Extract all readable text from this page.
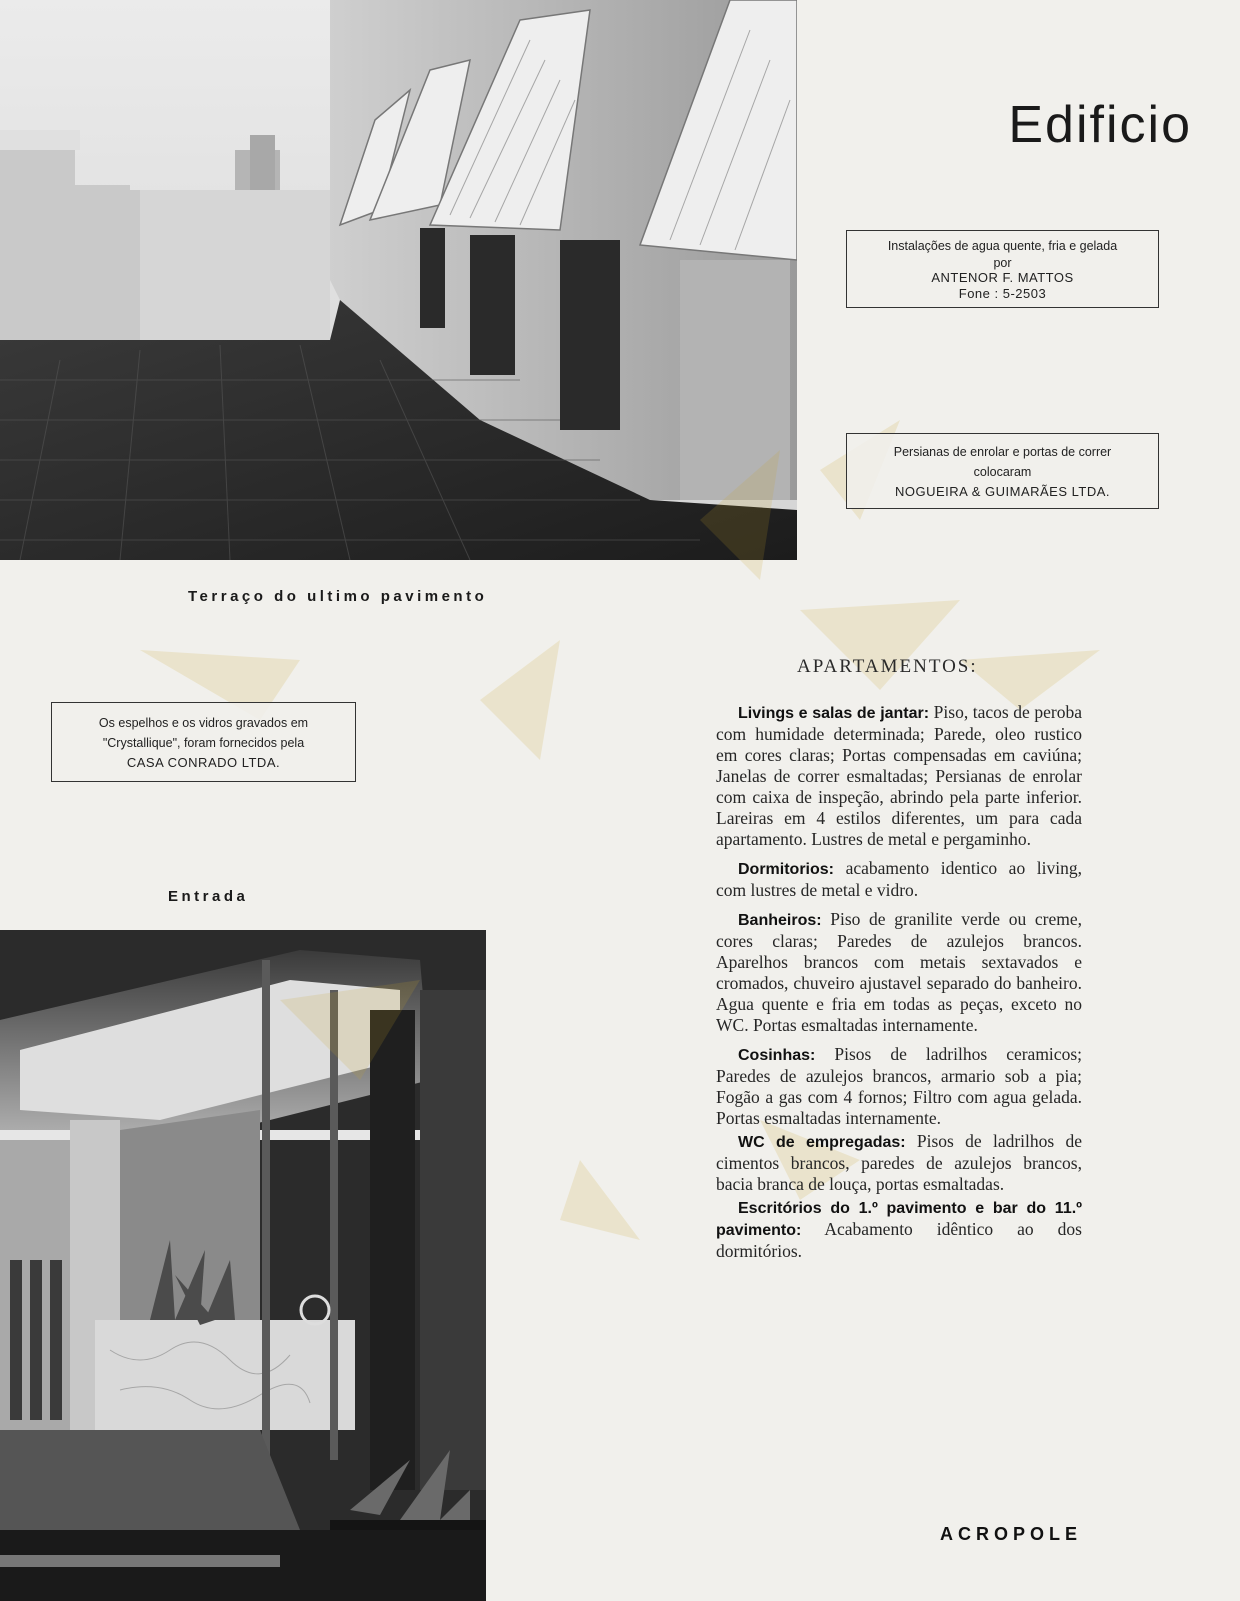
Edificio
Instalações de agua quente, fria e gelada
por
ANTENOR F. MATTOS
Fone : 5-2503
Persianas de enrolar e portas de correr
colocaram
NOGUEIRA & GUIMARÃES LTDA.
Os espelhos e os vidros gravados em
"Crystallique", foram fornecidos pela
CASA CONRADO LTDA.
Terraço do ultimo pavimento
Entrada
APARTAMENTOS:

Livings e salas de jantar: Piso, tacos de peroba com humidade determinada; Parede, oleo rustico em cores claras; Portas compensadas em caviúna; Janelas de correr esmaltadas; Persianas de enrolar com caixa de inspeção, abrindo pela parte inferior. Lareiras em 4 estilos diferentes, um para cada apartamento. Lustres de metal e pergaminho.

Dormitorios: acabamento identico ao living, com lustres de metal e vidro.

Banheiros: Piso de granilite verde ou creme, cores claras; Paredes de azulejos brancos. Aparelhos brancos com metais sextavados e cromados, chuveiro ajustavel separado do banheiro. Agua quente e fria em todas as peças, exceto no WC. Portas esmaltadas internamente.

Cosinhas: Pisos de ladrilhos ceramicos; Paredes de azulejos brancos, armario sob a pia; Fogão a gas com 4 fornos; Filtro com agua gelada. Portas esmaltadas internamente.

WC de empregadas: Pisos de ladrilhos de cimentos brancos, paredes de azulejos brancos, bacia branca de louça, portas esmaltadas.

Escritórios do 1.º pavimento e bar do 11.º pavimento: Acabamento idêntico ao dos dormitórios.

ACROPOLE
